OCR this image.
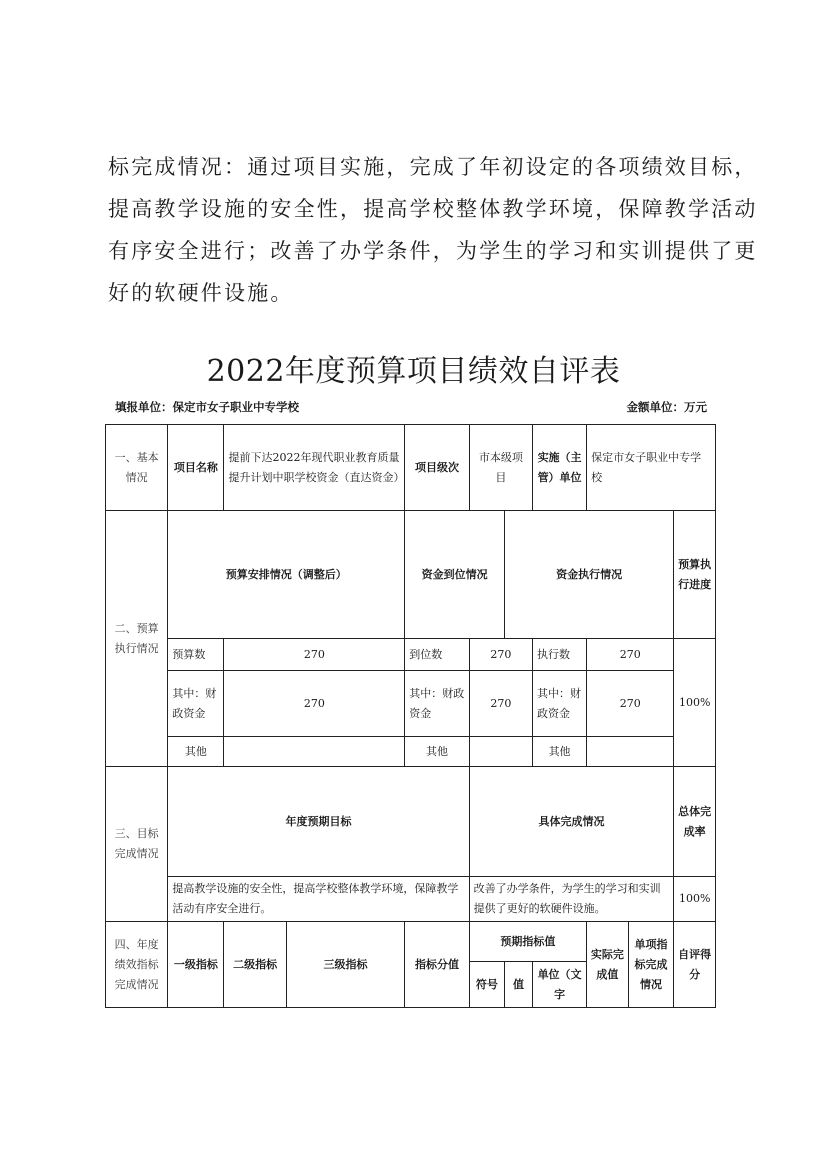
标完成情况：通过项目实施，完成了年初设定的各项绩效目标，
提高教学设施的安全性，提高学校整体教学环境，保障教学活动
有序安全进行；改善了办学条件，为学生的学习和实训提供了更
好的软硬件设施。
2022年度预算项目绩效自评表
填报单位：保定市女子职业中专学校	金额单位：万元
一、基本情况	项目名称	提前下达2022年现代职业教育质量提升计划中职学校资金（直达资金）		项目级次	市本级项目		实施（主管）单位	保定市女子职业中专学校		
二、预算执行情况	预算安排情况（调整后）			资金到位情况		资金执行情况				预算执行进度
	预算数	270		到位数	270		执行数	270		100%
	其中：财政资金	270		其中：财政资金	270		其中：财政资金	270		
	其他			其他			其他			
三、目标完成情况	年度预期目标				具体完成情况					总体完成率
	提高教学设施的安全性，提高学校整体教学环境，保障教学活动有序安全进行。				改善了办学条件，为学生的学习和实训提供了更好的软硬件设施。					100%
四、年度绩效指标完成情况	一级指标	二级指标	三级指标	指标分值	预期指标值			实际完成值	单项指标完成情况	自评得分
					符号	值	单位（文字			
